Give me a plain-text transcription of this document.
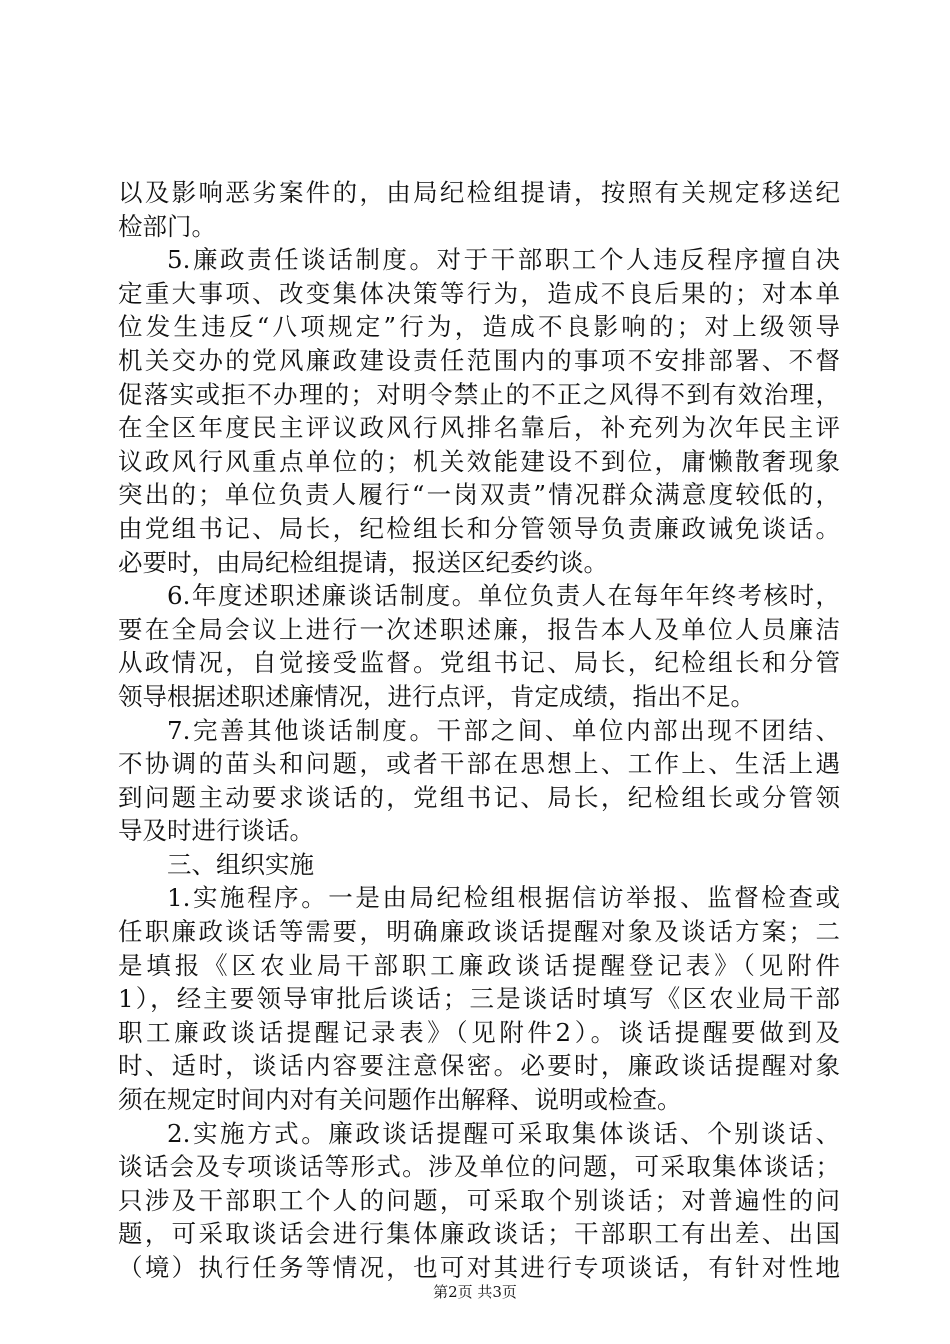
以及影响恶劣案件的，由局纪检组提请，按照有关规定移送纪
检部门。
5.廉政责任谈话制度。对于干部职工个人违反程序擅自决
定重大事项、改变集体决策等行为，造成不良后果的；对本单
位发生违反“八项规定”行为，造成不良影响的；对上级领导
机关交办的党风廉政建设责任范围内的事项不安排部署、不督
促落实或拒不办理的；对明令禁止的不正之风得不到有效治理，
在全区年度民主评议政风行风排名靠后，补充列为次年民主评
议政风行风重点单位的；机关效能建设不到位，庸懒散奢现象
突出的；单位负责人履行“一岗双责”情况群众满意度较低的，
由党组书记、局长，纪检组长和分管领导负责廉政诫免谈话。
必要时，由局纪检组提请，报送区纪委约谈。
6.年度述职述廉谈话制度。单位负责人在每年年终考核时，
要在全局会议上进行一次述职述廉，报告本人及单位人员廉洁
从政情况，自觉接受监督。党组书记、局长，纪检组长和分管
领导根据述职述廉情况，进行点评，肯定成绩，指出不足。
7.完善其他谈话制度。干部之间、单位内部出现不团结、
不协调的苗头和问题，或者干部在思想上、工作上、生活上遇
到问题主动要求谈话的，党组书记、局长，纪检组长或分管领
导及时进行谈话。
三、组织实施
1.实施程序。一是由局纪检组根据信访举报、监督检查或
任职廉政谈话等需要，明确廉政谈话提醒对象及谈话方案；二
是填报《区农业局干部职工廉政谈话提醒登记表》（见附件
1），经主要领导审批后谈话；三是谈话时填写《区农业局干部
职工廉政谈话提醒记录表》（见附件2）。谈话提醒要做到及
时、适时，谈话内容要注意保密。必要时，廉政谈话提醒对象
须在规定时间内对有关问题作出解释、说明或检查。
2.实施方式。廉政谈话提醒可采取集体谈话、个别谈话、
谈话会及专项谈话等形式。涉及单位的问题，可采取集体谈话；
只涉及干部职工个人的问题，可采取个别谈话；对普遍性的问
题，可采取谈话会进行集体廉政谈话；干部职工有出差、出国
（境）执行任务等情况，也可对其进行专项谈话，有针对性地
第2页 共3页
